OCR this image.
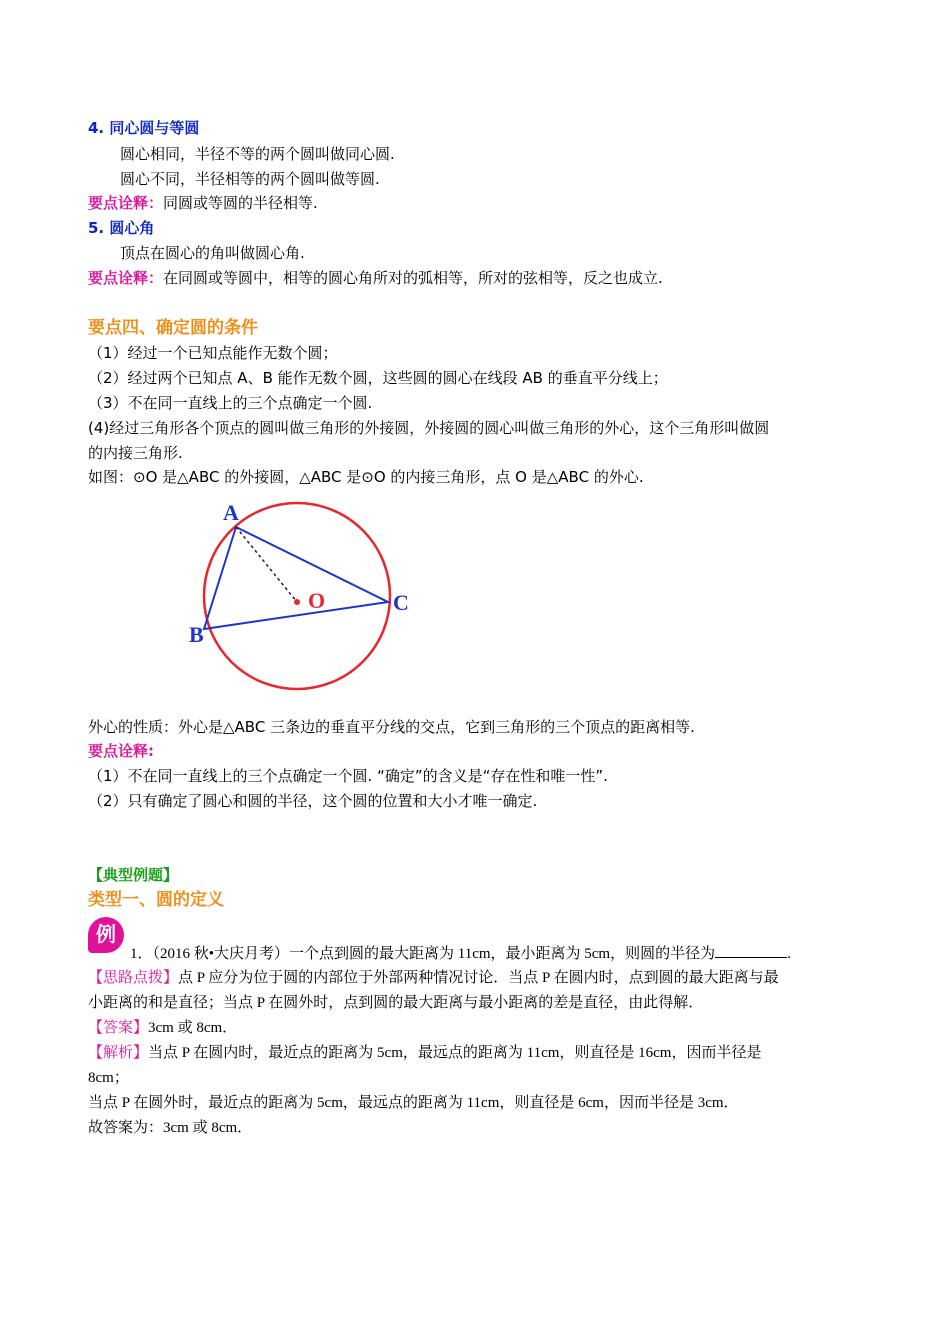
4. 同心圆与等圆
圆心相同，半径不等的两个圆叫做同心圆.
圆心不同，半径相等的两个圆叫做等圆.
要点诠释：同圆或等圆的半径相等.
5. 圆心角
顶点在圆心的角叫做圆心角.
要点诠释：在同圆或等圆中，相等的圆心角所对的弧相等，所对的弦相等，反之也成立.
要点四、确定圆的条件
（1）经过一个已知点能作无数个圆；
（2）经过两个已知点 A、B 能作无数个圆，这些圆的圆心在线段 AB 的垂直平分线上；
（3）不在同一直线上的三个点确定一个圆.
(4)经过三角形各个顶点的圆叫做三角形的外接圆，外接圆的圆心叫做三角形的外心，这个三角形叫做圆
的内接三角形.
如图：⊙O 是△ABC 的外接圆，△ABC 是⊙O 的内接三角形，点 O 是△ABC 的外心.
A
B
C
O
外心的性质：外心是△ABC 三条边的垂直平分线的交点，它到三角形的三个顶点的距离相等.
要点诠释:
（1）不在同一直线上的三个点确定一个圆. “确定”的含义是“存在性和唯一性”.
（2）只有确定了圆心和圆的半径，这个圆的位置和大小才唯一确定.
【典型例题】
类型一、圆的定义
例
1．（2016 秋•大庆月考）一个点到圆的最大距离为 11cm，最小距离为 5cm，则圆的半径为	.
【思路点拨】点 P 应分为位于圆的内部位于外部两种情况讨论．当点 P 在圆内时，点到圆的最大距离与最
小距离的和是直径；当点 P 在圆外时，点到圆的最大距离与最小距离的差是直径，由此得解．
【答案】3cm 或 8cm．
【解析】当点 P 在圆内时，最近点的距离为 5cm，最远点的距离为 11cm，则直径是 16cm，因而半径是
8cm；
当点 P 在圆外时，最近点的距离为 5cm，最远点的距离为 11cm，则直径是 6cm，因而半径是 3cm．
故答案为：3cm 或 8cm．
